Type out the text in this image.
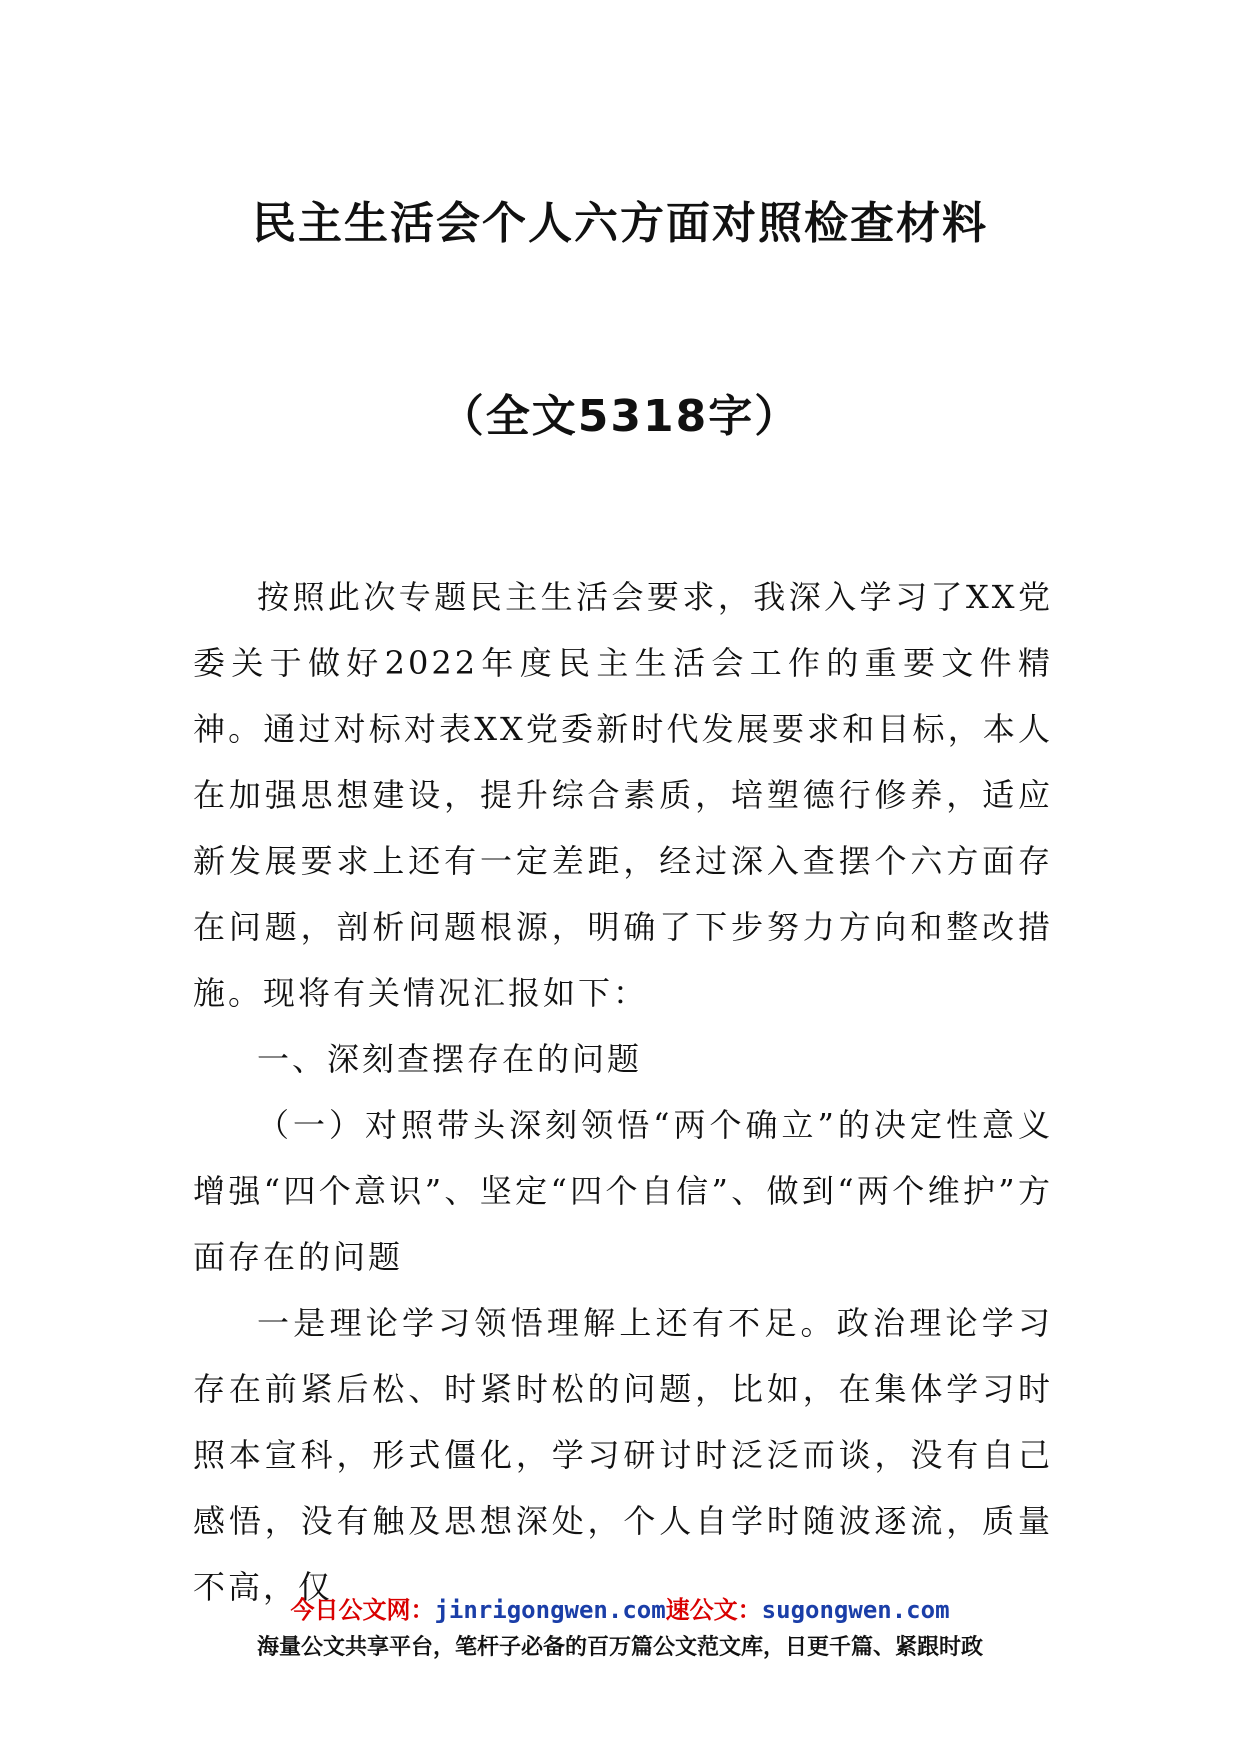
民主生活会个人六方面对照检查材料
（全文5318字）

按照此次专题民主生活会要求，我深入学习了XX党委关于做好2022年度民主生活会工作的重要文件精神。通过对标对表XX党委新时代发展要求和目标，本人在加强思想建设，提升综合素质，培塑德行修养，适应新发展要求上还有一定差距，经过深入查摆个六方面存在问题，剖析问题根源，明确了下步努力方向和整改措施。现将有关情况汇报如下：

一、深刻查摆存在的问题

（一）对照带头深刻领悟“两个确立”的决定性意义增强“四个意识”、坚定“四个自信”、做到“两个维护”方面存在的问题

一是理论学习领悟理解上还有不足。政治理论学习存在前紧后松、时紧时松的问题，比如，在集体学习时照本宣科，形式僵化，学习研讨时泛泛而谈，没有自己感悟，没有触及思想深处，个人自学时随波逐流，质量不高，仅

今日公文网：jinrigongwen.com速公文：sugongwen.com
海量公文共享平台，笔杆子必备的百万篇公文范文库，日更千篇、紧跟时政
